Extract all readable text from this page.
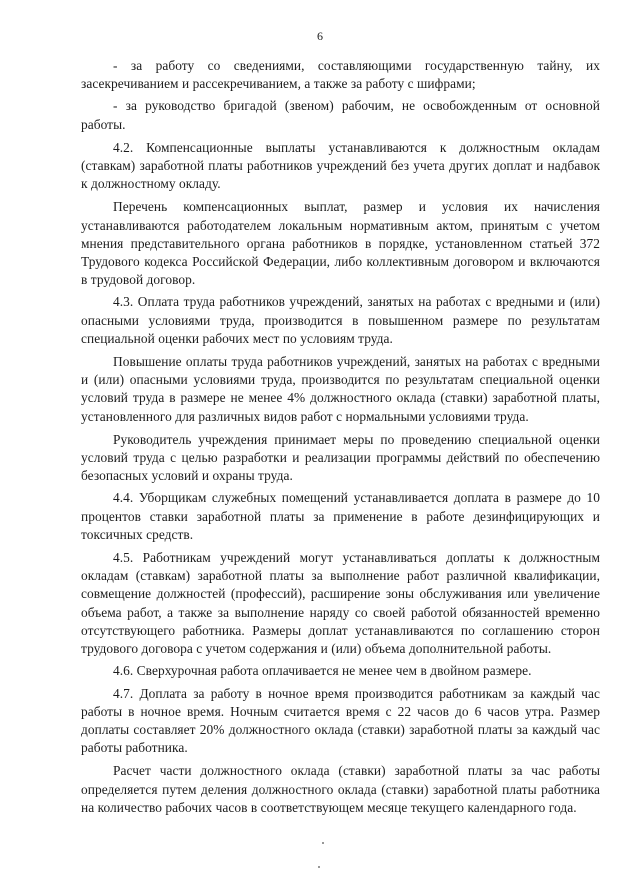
6

- за работу со сведениями, составляющими государственную тайну, их засекречиванием и рассекречиванием, а также за работу с шифрами;

- за руководство бригадой (звеном) рабочим, не освобожденным от основной работы.

4.2. Компенсационные выплаты устанавливаются к должностным окладам (ставкам) заработной платы работников учреждений без учета других доплат и надбавок к должностному окладу.

Перечень компенсационных выплат, размер и условия их начисления устанавливаются работодателем локальным нормативным актом, принятым с учетом мнения представительного органа работников в порядке, установленном статьей 372 Трудового кодекса Российской Федерации, либо коллективным договором и включаются в трудовой договор.

4.3. Оплата труда работников учреждений, занятых на работах с вредными и (или) опасными условиями труда, производится в повышенном размере по результатам специальной оценки рабочих мест по условиям труда.

Повышение оплаты труда работников учреждений, занятых на работах с вредными и (или) опасными условиями труда, производится по результатам специальной оценки условий труда в размере не менее 4% должностного оклада (ставки) заработной платы, установленного для различных видов работ с нормальными условиями труда.

Руководитель учреждения принимает меры по проведению специальной оценки условий труда с целью разработки и реализации программы действий по обеспечению безопасных условий и охраны труда.

4.4. Уборщикам служебных помещений устанавливается доплата в размере до 10 процентов ставки заработной платы за применение в работе дезинфицирующих и токсичных средств.

4.5. Работникам учреждений могут устанавливаться доплаты к должностным окладам (ставкам) заработной платы за выполнение работ различной квалификации, совмещение должностей (профессий), расширение зоны обслуживания или увеличение объема работ, а также за выполнение наряду со своей работой обязанностей временно отсутствующего работника. Размеры доплат устанавливаются по соглашению сторон трудового договора с учетом содержания и (или) объема дополнительной работы.

4.6. Сверхурочная работа оплачивается не менее чем в двойном размере.

4.7. Доплата за работу в ночное время производится работникам за каждый час работы в ночное время. Ночным считается время с 22 часов до 6 часов утра. Размер доплаты составляет 20% должностного оклада (ставки) заработной платы за каждый час работы работника.

Расчет части должностного оклада (ставки) заработной платы за час работы определяется путем деления должностного оклада (ставки) заработной платы работника на количество рабочих часов в соответствующем месяце текущего календарного года.
